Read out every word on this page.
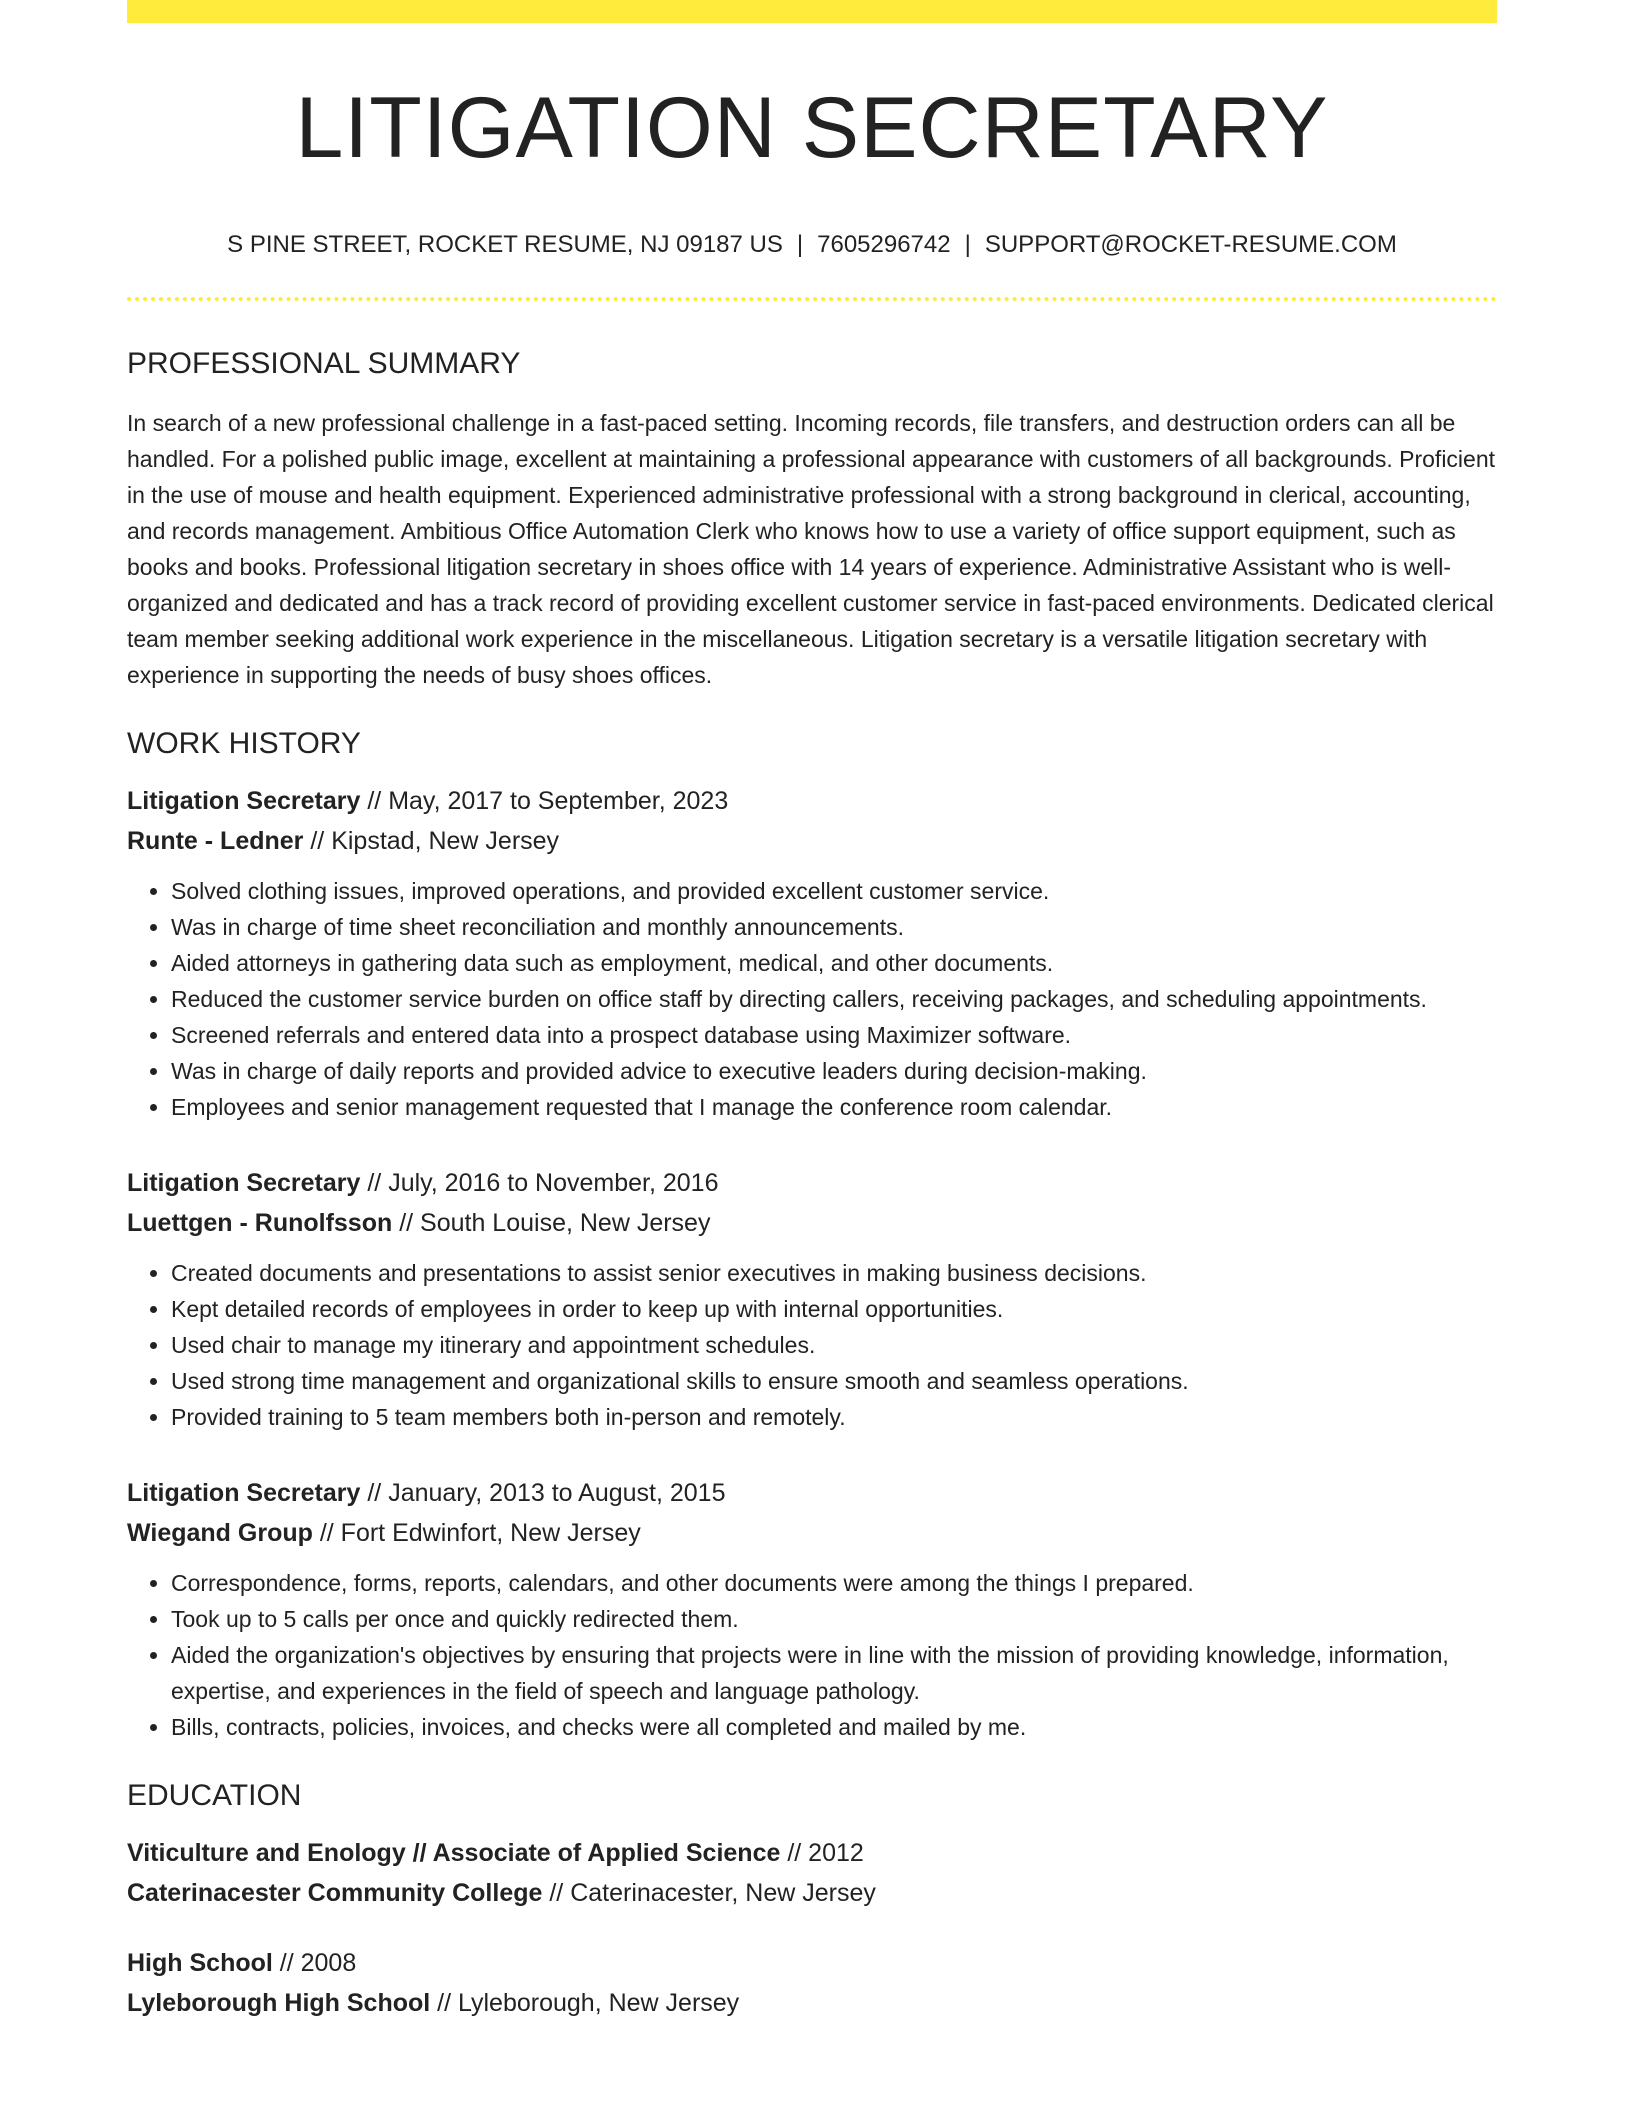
LITIGATION SECRETARY
S PINE STREET, ROCKET RESUME, NJ 09187 US | 7605296742 | SUPPORT@ROCKET-RESUME.COM
PROFESSIONAL SUMMARY

In search of a new professional challenge in a fast-paced setting. Incoming records, file transfers, and destruction orders can all be handled. For a polished public image, excellent at maintaining a professional appearance with customers of all backgrounds. Proficient in the use of mouse and health equipment. Experienced administrative professional with a strong background in clerical, accounting, and records management. Ambitious Office Automation Clerk who knows how to use a variety of office support equipment, such as books and books. Professional litigation secretary in shoes office with 14 years of experience. Administrative Assistant who is well-organized and dedicated and has a track record of providing excellent customer service in fast-paced environments. Dedicated clerical team member seeking additional work experience in the miscellaneous. Litigation secretary is a versatile litigation secretary with experience in supporting the needs of busy shoes offices.

WORK HISTORY
Litigation Secretary // May, 2017 to September, 2023
Runte - Ledner // Kipstad, New Jersey
• Solved clothing issues, improved operations, and provided excellent customer service.
• Was in charge of time sheet reconciliation and monthly announcements.
• Aided attorneys in gathering data such as employment, medical, and other documents.
• Reduced the customer service burden on office staff by directing callers, receiving packages, and scheduling appointments.
• Screened referrals and entered data into a prospect database using Maximizer software.
• Was in charge of daily reports and provided advice to executive leaders during decision-making.
• Employees and senior management requested that I manage the conference room calendar.
Litigation Secretary // July, 2016 to November, 2016
Luettgen - Runolfsson // South Louise, New Jersey
• Created documents and presentations to assist senior executives in making business decisions.
• Kept detailed records of employees in order to keep up with internal opportunities.
• Used chair to manage my itinerary and appointment schedules.
• Used strong time management and organizational skills to ensure smooth and seamless operations.
• Provided training to 5 team members both in-person and remotely.
Litigation Secretary // January, 2013 to August, 2015
Wiegand Group // Fort Edwinfort, New Jersey
• Correspondence, forms, reports, calendars, and other documents were among the things I prepared.
• Took up to 5 calls per once and quickly redirected them.
• Aided the organization's objectives by ensuring that projects were in line with the mission of providing knowledge, information, expertise, and experiences in the field of speech and language pathology.
• Bills, contracts, policies, invoices, and checks were all completed and mailed by me.
EDUCATION
Viticulture and Enology // Associate of Applied Science // 2012
Caterinacester Community College // Caterinacester, New Jersey
High School // 2008
Lyleborough High School // Lyleborough, New Jersey
